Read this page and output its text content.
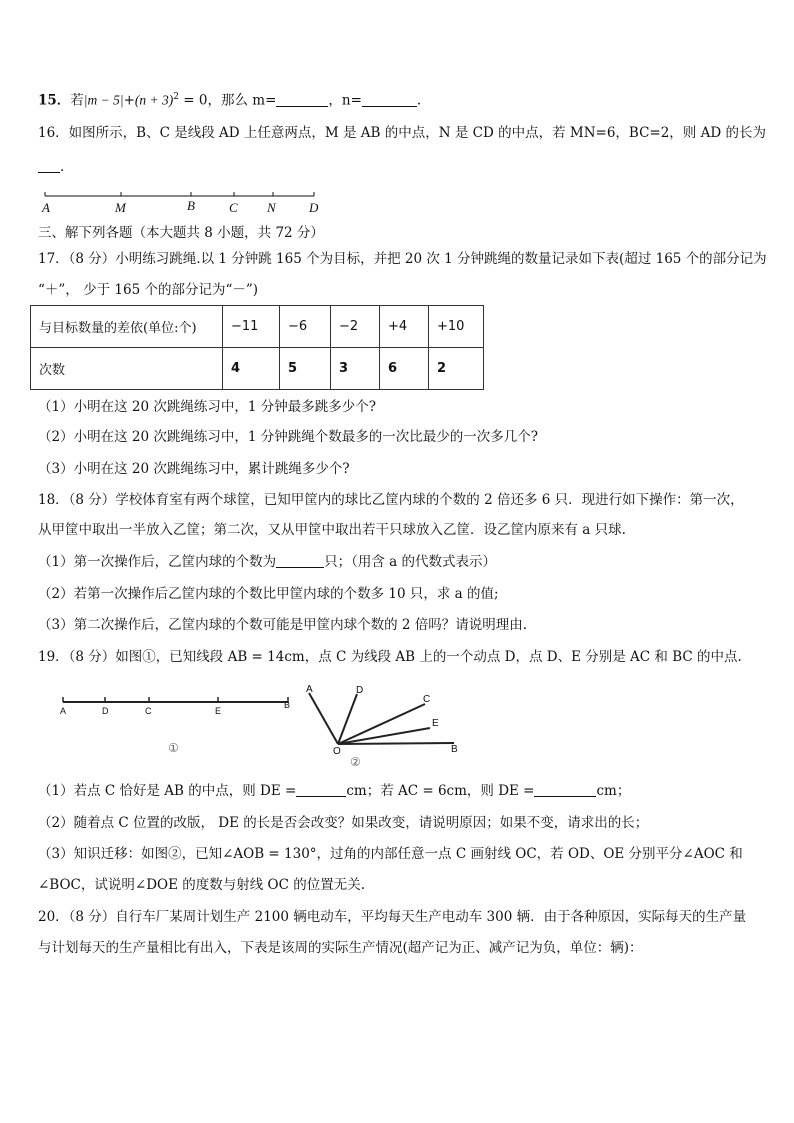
15．若$|m - 5|+(n + 3)^2 = 0$，那么 m=	，n=	.
16．如图所示，B、C 是线段 AD 上任意两点，M 是 AB 的中点，N 是 CD 的中点，若 MN=6，BC=2，则 AD 的长为
.
A	M	B	C N	D
三、解下列各题（本大题共 8 小题，共 72 分）
17．（8 分）小明练习跳绳.以 1 分钟跳 165 个为目标，并把 20 次 1 分钟跳绳的数量记录如下表(超过 165 个的部分记为
“＋”， 少于 165 个的部分记为“－”)
与目标数量的差依(单位:个)	−11	−6	−2	+4	+10
次数	4	5	3	6	2
（1）小明在这 20 次跳绳练习中，1 分钟最多跳多少个?
（2）小明在这 20 次跳绳练习中，1 分钟跳绳个数最多的一次比最少的一次多几个?
（3）小明在这 20 次跳绳练习中，累计跳绳多少个?
18．（8 分）学校体育室有两个球筐，已知甲筐内的球比乙筐内球的个数的 2 倍还多 6 只．现进行如下操作：第一次，
从甲筐中取出一半放入乙筐；第二次，又从甲筐中取出若干只球放入乙筐．设乙筐内原来有 a 只球.
（1）第一次操作后，乙筐内球的个数为	只；（用含 a 的代数式表示）
（2）若第一次操作后乙筐内球的个数比甲筐内球的个数多 10 只，求 a 的值;
（3）第二次操作后，乙筐内球的个数可能是甲筐内球个数的 2 倍吗？请说明理由.
19．（8 分）如图①，已知线段 AB = 14cm，点 C 为线段 AB 上的一个动点 D，点 D、E 分别是 AC 和 BC 的中点.
A	D	C	E
B
①
A	D
C
E
B
O
②
（1）若点 C 恰好是 AB 的中点，则 DE =	cm；若 AC = 6cm，则 DE =	cm；
（2）随着点 C 位置的改版， DE 的长是否会改变？如果改变，请说明原因；如果不变，请求出的长；
（3）知识迁移：如图②，已知∠AOB = 130°，过角的内部任意一点 C 画射线 OC，若 OD、OE 分别平分∠AOC 和
∠BOC，试说明∠DOE 的度数与射线 OC 的位置无关.
20．（8 分）自行车厂某周计划生产 2100 辆电动车，平均每天生产电动车 300 辆．由于各种原因，实际每天的生产量
与计划每天的生产量相比有出入，下表是该周的实际生产情况(超产记为正、减产记为负，单位：辆)：
